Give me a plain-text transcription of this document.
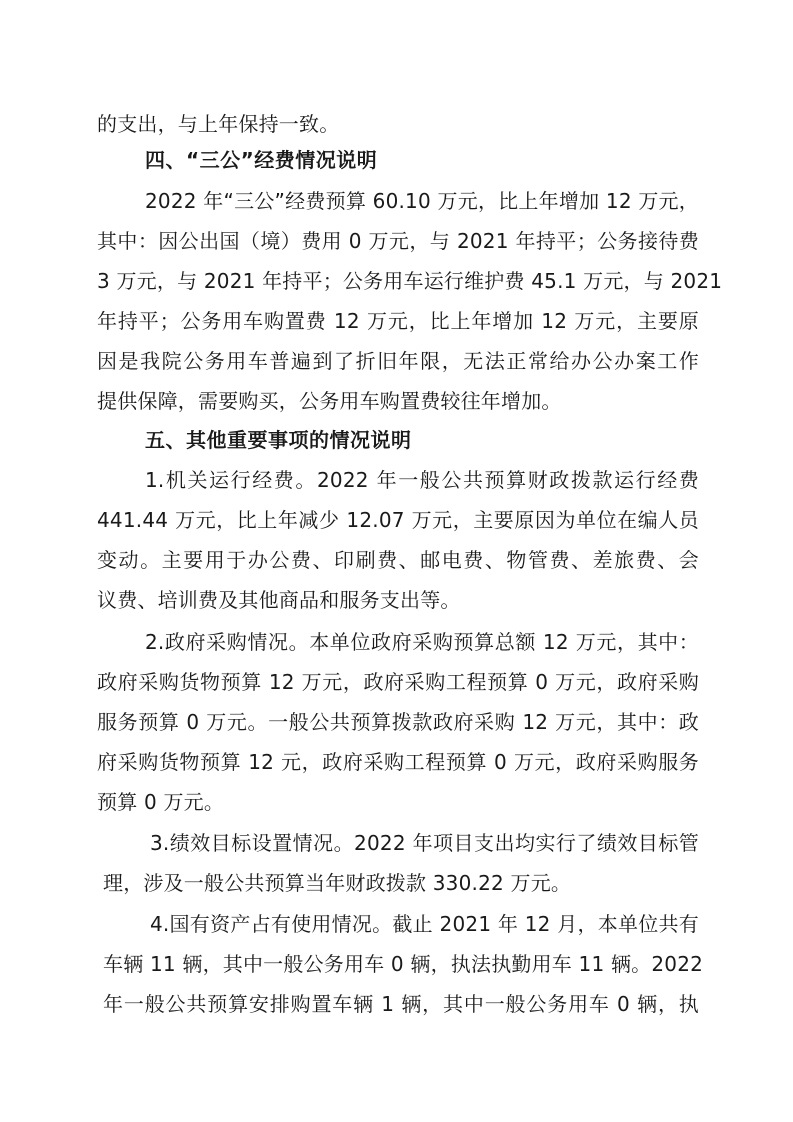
的支出，与上年保持一致。
四、“三公”经费情况说明
2022 年“三公”经费预算 60.10 万元，比上年增加 12 万元，
其中：因公出国（境）费用 0 万元，与 2021 年持平；公务接待费
3 万元，与 2021 年持平；公务用车运行维护费 45.1 万元，与 2021
年持平；公务用车购置费 12 万元，比上年增加 12 万元，主要原
因是我院公务用车普遍到了折旧年限，无法正常给办公办案工作
提供保障，需要购买，公务用车购置费较往年增加。
五、其他重要事项的情况说明
1.机关运行经费。2022 年一般公共预算财政拨款运行经费
441.44 万元，比上年减少 12.07 万元，主要原因为单位在编人员
变动。主要用于办公费、印刷费、邮电费、物管费、差旅费、会
议费、培训费及其他商品和服务支出等。
2.政府采购情况。本单位政府采购预算总额 12 万元，其中：
政府采购货物预算 12 万元，政府采购工程预算 0 万元，政府采购
服务预算 0 万元。一般公共预算拨款政府采购 12 万元，其中：政
府采购货物预算 12 元，政府采购工程预算 0 万元，政府采购服务
预算 0 万元。
3.绩效目标设置情况。2022 年项目支出均实行了绩效目标管
理，涉及一般公共预算当年财政拨款 330.22 万元。
4.国有资产占有使用情况。截止 2021 年 12 月，本单位共有
车辆 11 辆，其中一般公务用车 0 辆，执法执勤用车 11 辆。2022
年一般公共预算安排购置车辆 1 辆，其中一般公务用车 0 辆，执
